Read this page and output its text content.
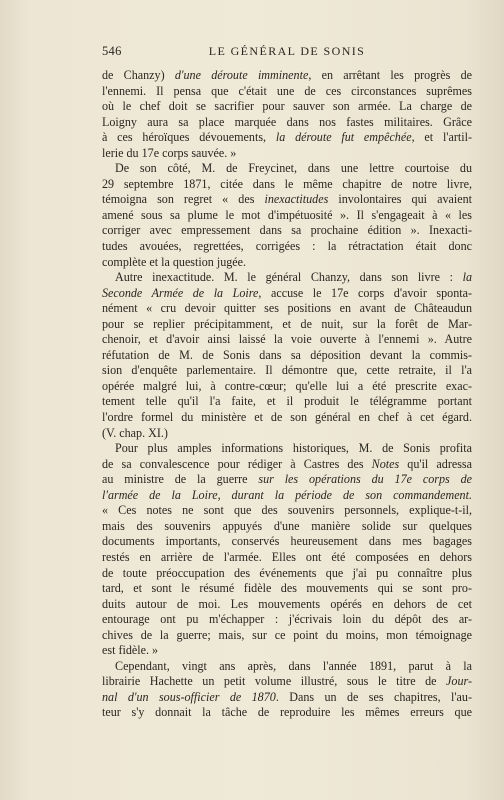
546	LE GÉNÉRAL DE SONIS
de Chanzy) d'une déroute imminente, en arrêtant les progrès de
l'ennemi. Il pensa que c'était une de ces circonstances suprêmes
où le chef doit se sacrifier pour sauver son armée. La charge de
Loigny aura sa place marquée dans nos fastes militaires. Grâce
à ces héroïques dévouements, la déroute fut empêchée, et l'artil-
lerie du 17e corps sauvée. »
De son côté, M. de Freycinet, dans une lettre courtoise du
29 septembre 1871, citée dans le même chapitre de notre livre,
témoigna son regret « des inexactitudes involontaires qui avaient
amené sous sa plume le mot d'impétuosité ». Il s'engageait à « les
corriger avec empressement dans sa prochaine édition ». Inexacti-
tudes avouées, regrettées, corrigées : la rétractation était donc
complète et la question jugée.
Autre inexactitude. M. le général Chanzy, dans son livre : la
Seconde Armée de la Loire, accuse le 17e corps d'avoir sponta-
nément « cru devoir quitter ses positions en avant de Châteaudun
pour se replier précipitamment, et de nuit, sur la forêt de Mar-
chenoir, et d'avoir ainsi laissé la voie ouverte à l'ennemi ». Autre
réfutation de M. de Sonis dans sa déposition devant la commis-
sion d'enquête parlementaire. Il démontre que, cette retraite, il l'a
opérée malgré lui, à contre-cœur; qu'elle lui a été prescrite exac-
tement telle qu'il l'a faite, et il produit le télégramme portant
l'ordre formel du ministère et de son général en chef à cet égard.
(V. chap. XI.)
Pour plus amples informations historiques, M. de Sonis profita
de sa convalescence pour rédiger à Castres des Notes qu'il adressa
au ministre de la guerre sur les opérations du 17e corps de
l'armée de la Loire, durant la période de son commandement.
« Ces notes ne sont que des souvenirs personnels, explique-t-il,
mais des souvenirs appuyés d'une manière solide sur quelques
documents importants, conservés heureusement dans mes bagages
restés en arrière de l'armée. Elles ont été composées en dehors
de toute préoccupation des événements que j'ai pu connaître plus
tard, et sont le résumé fidèle des mouvements qui se sont pro-
duits autour de moi. Les mouvements opérés en dehors de cet
entourage ont pu m'échapper : j'écrivais loin du dépôt des ar-
chives de la guerre; mais, sur ce point du moins, mon témoignage
est fidèle. »
Cependant, vingt ans après, dans l'année 1891, parut à la
librairie Hachette un petit volume illustré, sous le titre de Jour-
nal d'un sous-officier de 1870. Dans un de ses chapitres, l'au-
teur s'y donnait la tâche de reproduire les mêmes erreurs que
